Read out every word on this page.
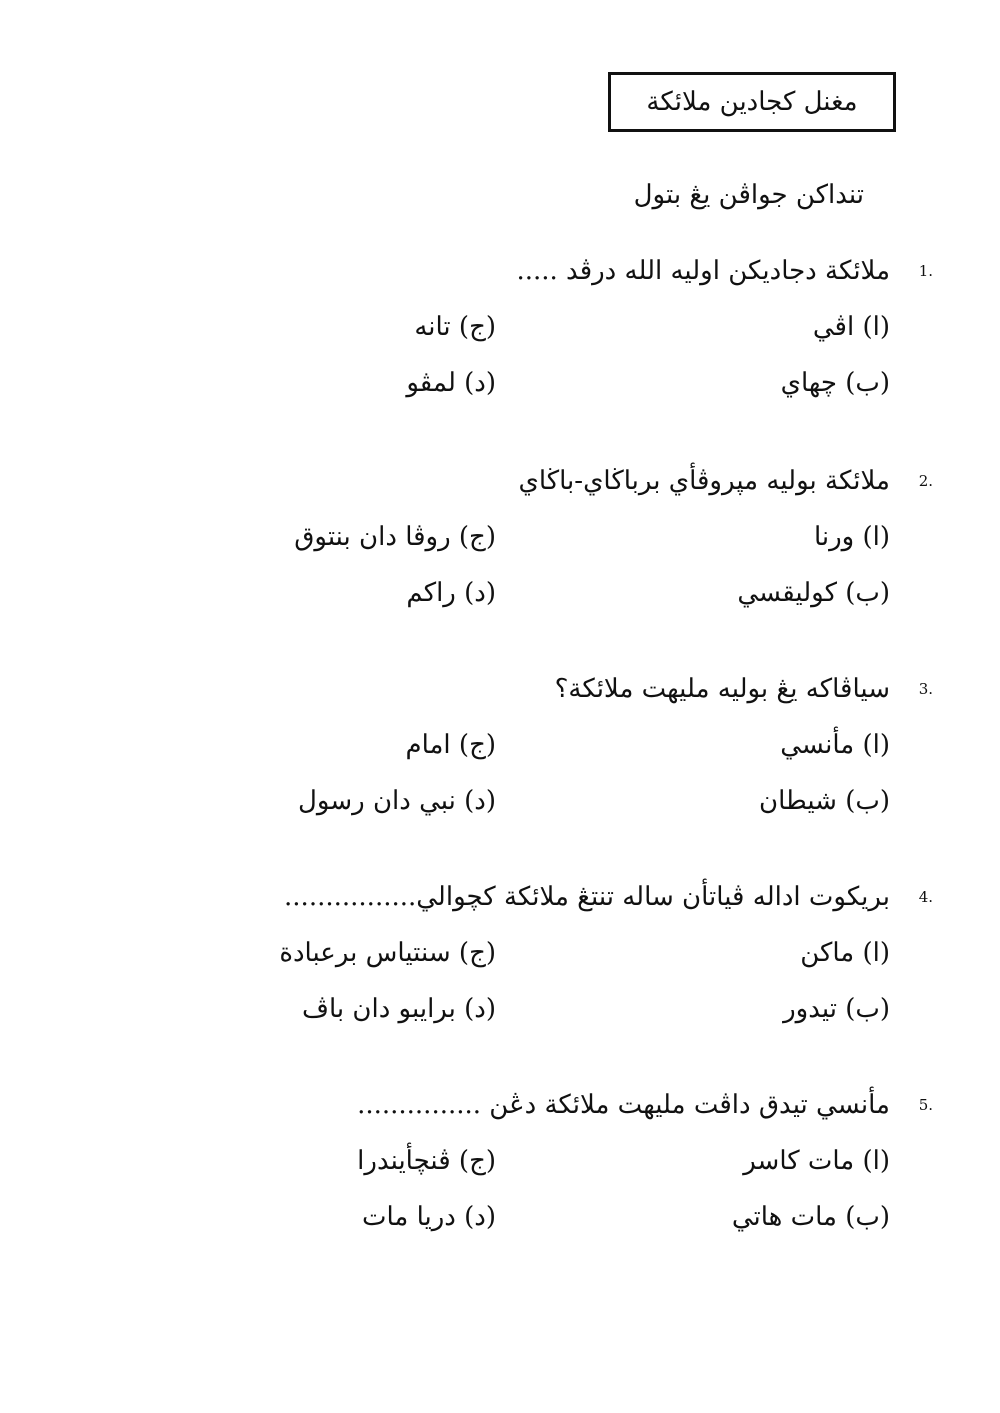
مغنل كجادين ملائكة
تنداكن جواڤن يڠ بتول
1.
ملائكة دجاديکن اوليه الله درڤد .....
(ا) اڤي
(ب) چهاي
(ج) تانه
(د) لمڤو
2.
ملائكة بوليه مپروڤأي برباڬاي-باڬاي
(ا) ورنا
(ب) كوليقسي
(ج) روڤا دان بنتوق
(د) راكم
3.
سياڤاكه يڠ بوليه مليهت ملائكة؟
(ا) مأنسي
(ب) شيطان
(ج) امام
(د) نبي دان رسول
4.
بريكوت اداله ڤياتأن ساله تنتڠ ملائكة كچوالي................
(ا) ماكن
(ب) تيدور
(ج) سنتياس برعبادة
(د) برايبو دان باڤ
5.
مأنسي تيدق داڤت مليهت ملائكة دڠن ...............
(ا) مات كاسر
(ب) مات هاتي
(ج) ڤنچأيندرا
(د) دريا مات
